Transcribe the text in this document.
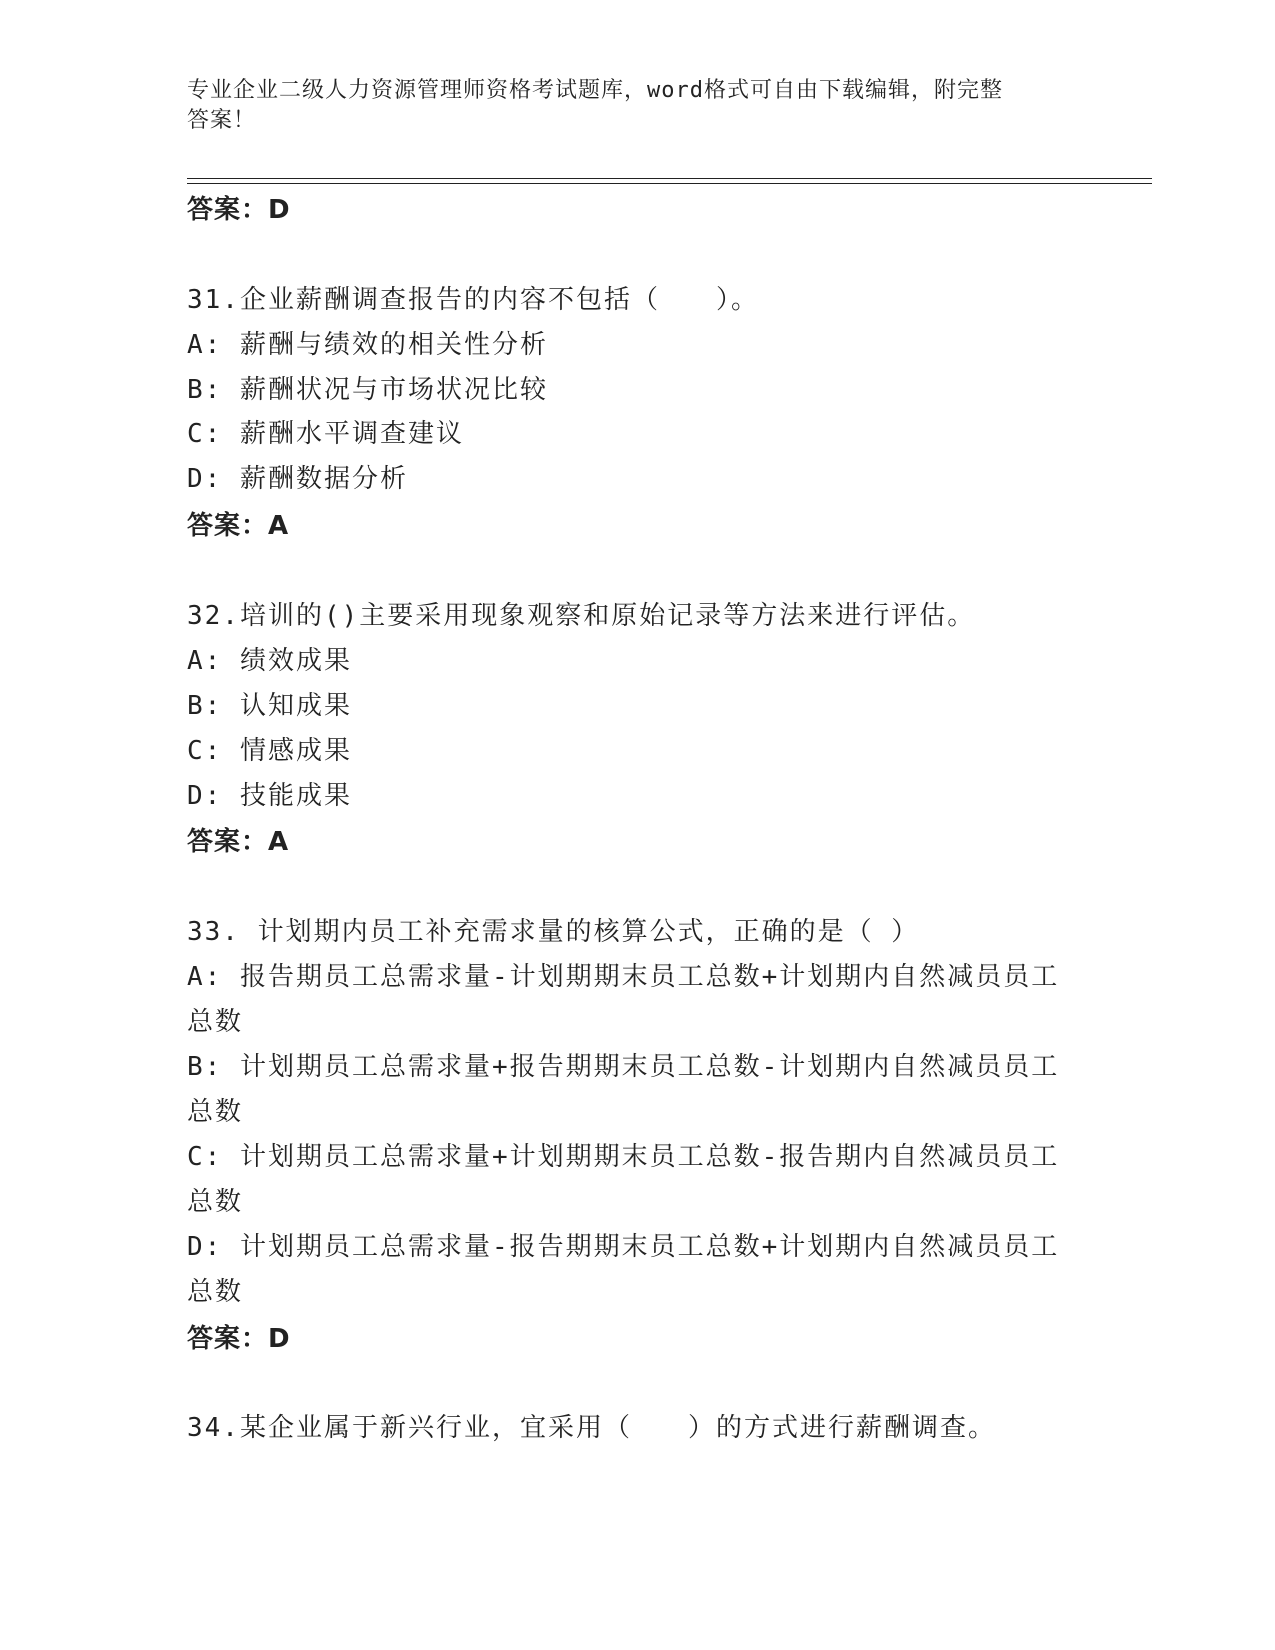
专业企业二级人力资源管理师资格考试题库，word格式可自由下载编辑，附完整
答案！
答案：D
31.企业薪酬调查报告的内容不包括（　　）。
A: 薪酬与绩效的相关性分析
B: 薪酬状况与市场状况比较
C: 薪酬水平调查建议
D: 薪酬数据分析
答案：A
32.培训的()主要采用现象观察和原始记录等方法来进行评估。
A: 绩效成果
B: 认知成果
C: 情感成果
D: 技能成果
答案：A
33. 计划期内员工补充需求量的核算公式，正确的是（ ）
A: 报告期员工总需求量-计划期期末员工总数+计划期内自然减员员工
总数
B: 计划期员工总需求量+报告期期末员工总数-计划期内自然减员员工
总数
C: 计划期员工总需求量+计划期期末员工总数-报告期内自然减员员工
总数
D: 计划期员工总需求量-报告期期末员工总数+计划期内自然减员员工
总数
答案：D
34.某企业属于新兴行业，宜采用（　　）的方式进行薪酬调查。
